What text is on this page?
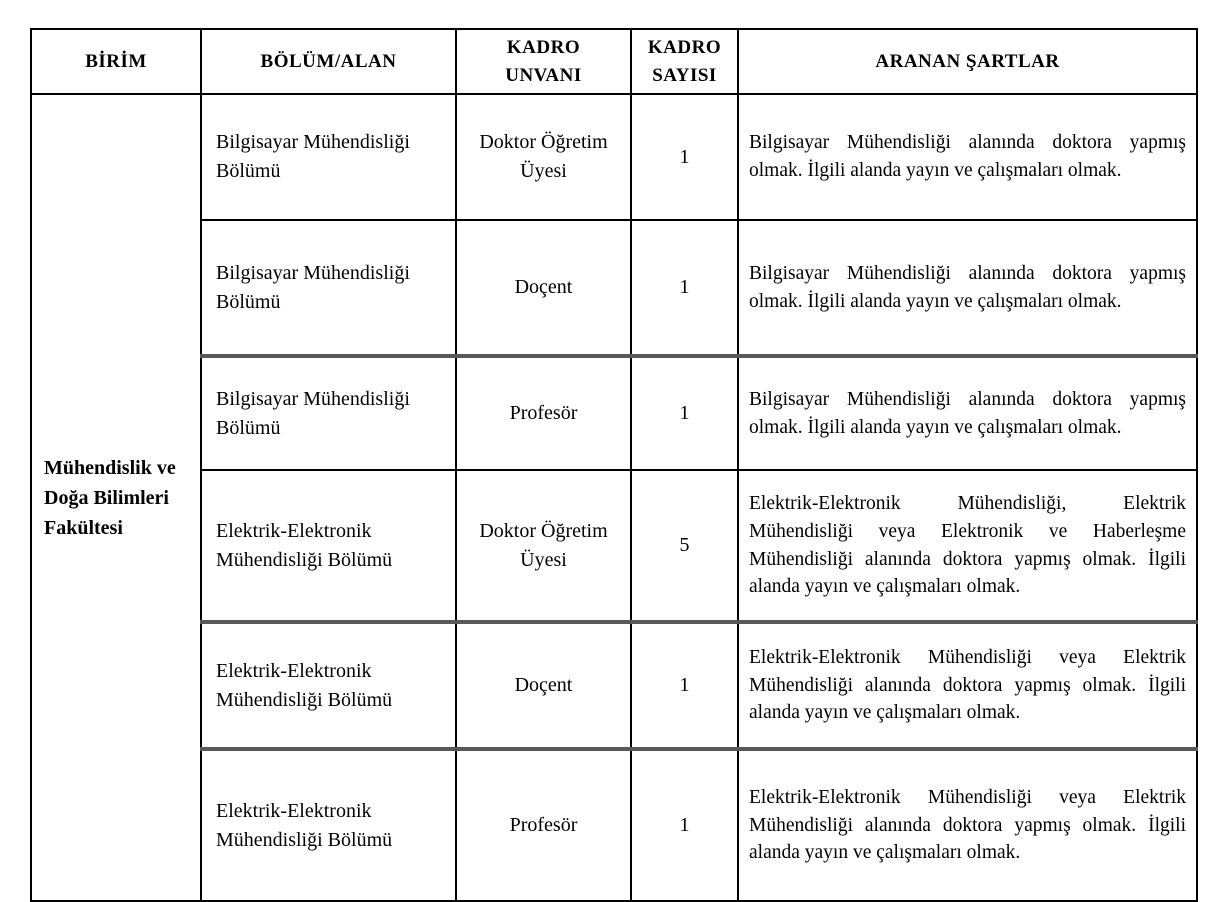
BİRİM	BÖLÜM/ALAN	KADRO UNVANI	KADRO SAYISI	ARANAN ŞARTLAR
Mühendislik ve Doğa Bilimleri Fakültesi	Bilgisayar Mühendisliği Bölümü	Doktor Öğretim Üyesi	1	Bilgisayar Mühendisliği alanında doktora yapmış olmak. İlgili alanda yayın ve çalışmaları olmak.
	Bilgisayar Mühendisliği Bölümü	Doçent	1	Bilgisayar Mühendisliği alanında doktora yapmış olmak. İlgili alanda yayın ve çalışmaları olmak.
	Bilgisayar Mühendisliği Bölümü	Profesör	1	Bilgisayar Mühendisliği alanında doktora yapmış olmak. İlgili alanda yayın ve çalışmaları olmak.
	Elektrik-Elektronik Mühendisliği Bölümü	Doktor Öğretim Üyesi	5	Elektrik-Elektronik Mühendisliği, Elektrik Mühendisliği veya Elektronik ve Haberleşme Mühendisliği alanında doktora yapmış olmak. İlgili alanda yayın ve çalışmaları olmak.
	Elektrik-Elektronik Mühendisliği Bölümü	Doçent	1	Elektrik-Elektronik Mühendisliği veya Elektrik Mühendisliği alanında doktora yapmış olmak. İlgili alanda yayın ve çalışmaları olmak.
	Elektrik-Elektronik Mühendisliği Bölümü	Profesör	1	Elektrik-Elektronik Mühendisliği veya Elektrik Mühendisliği alanında doktora yapmış olmak. İlgili alanda yayın ve çalışmaları olmak.
